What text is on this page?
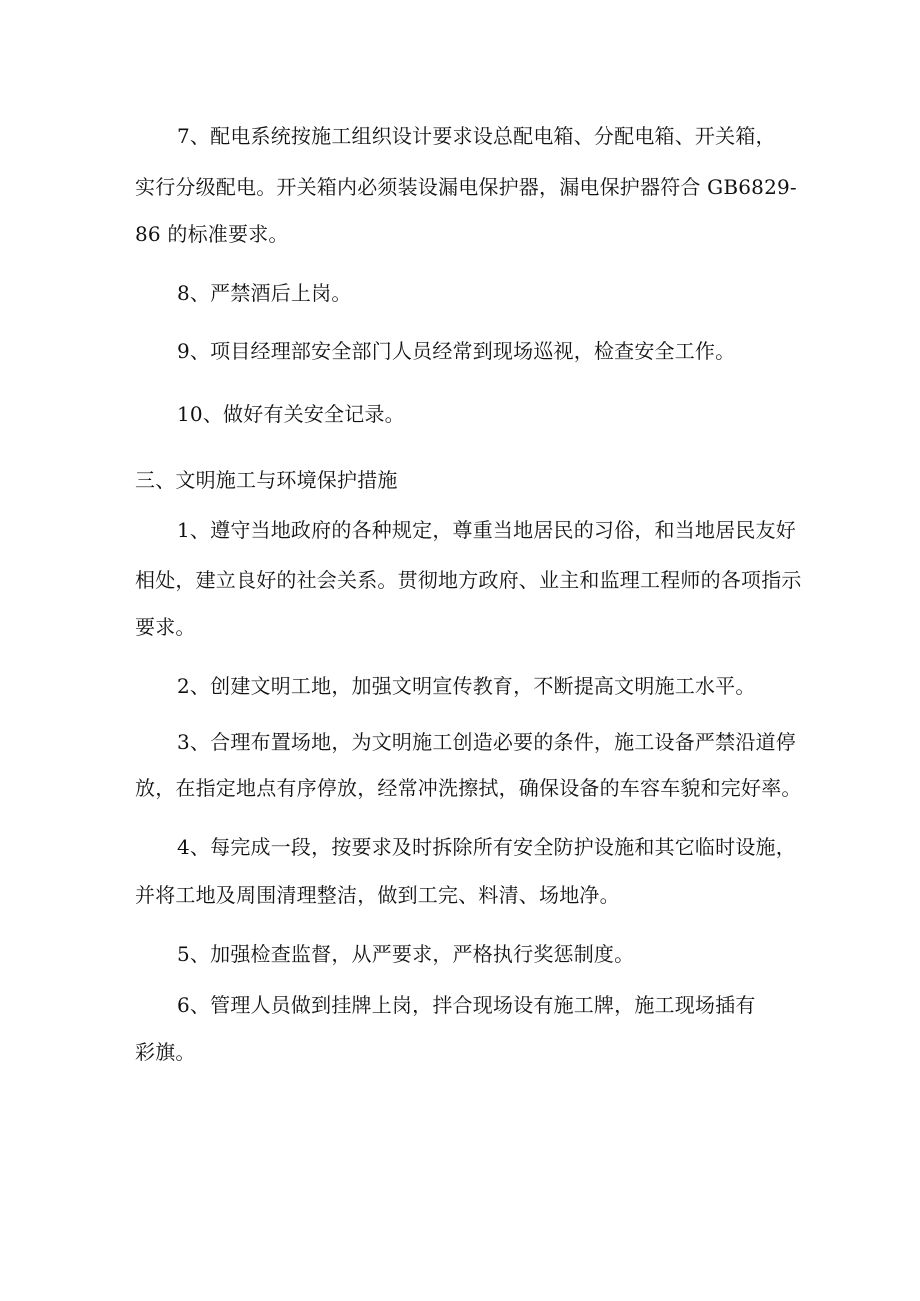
7、配电系统按施工组织设计要求设总配电箱、分配电箱、开关箱，

实行分级配电。开关箱内必须装设漏电保护器，漏电保护器符合 GB6829-

86 的标准要求。

8、严禁酒后上岗。

9、项目经理部安全部门人员经常到现场巡视，检查安全工作。

10、做好有关安全记录。

三、文明施工与环境保护措施

1、遵守当地政府的各种规定，尊重当地居民的习俗，和当地居民友好

相处，建立良好的社会关系。贯彻地方政府、业主和监理工程师的各项指示

要求。

2、创建文明工地，加强文明宣传教育，不断提高文明施工水平。

3、合理布置场地，为文明施工创造必要的条件，施工设备严禁沿道停

放，在指定地点有序停放，经常冲洗擦拭，确保设备的车容车貌和完好率。

4、每完成一段，按要求及时拆除所有安全防护设施和其它临时设施，

并将工地及周围清理整洁，做到工完、料清、场地净。

5、加强检查监督，从严要求，严格执行奖惩制度。

6、管理人员做到挂牌上岗，拌合现场设有施工牌，施工现场插有

彩旗。
